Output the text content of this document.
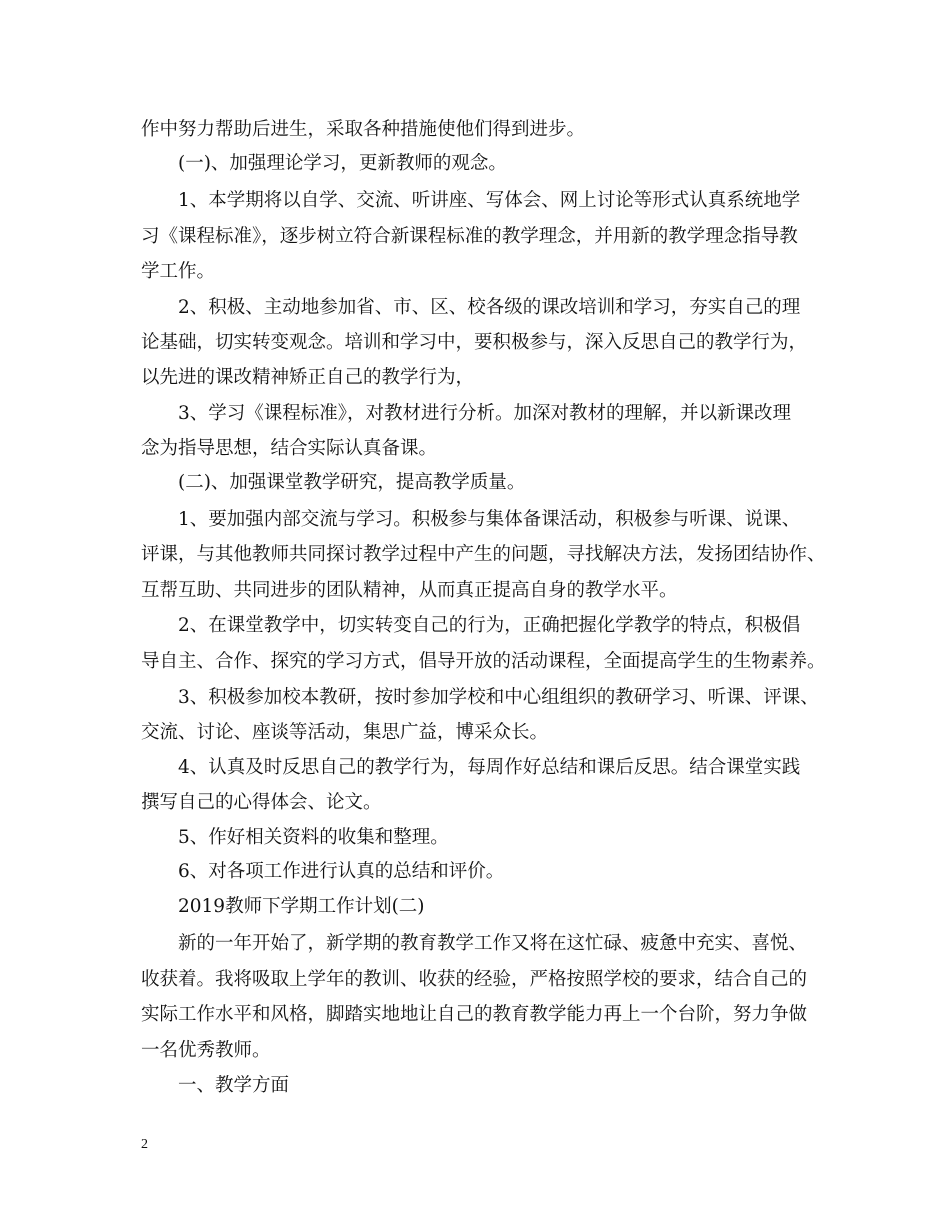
作中努力帮助后进生，采取各种措施使他们得到进步。
(一)、加强理论学习，更新教师的观念。
1、本学期将以自学、交流、听讲座、写体会、网上讨论等形式认真系统地学
习《课程标准》，逐步树立符合新课程标准的教学理念，并用新的教学理念指导教
学工作。
2、积极、主动地参加省、市、区、校各级的课改培训和学习，夯实自己的理
论基础，切实转变观念。培训和学习中，要积极参与，深入反思自己的教学行为，
以先进的课改精神矫正自己的教学行为，
3、学习《课程标准》，对教材进行分析。加深对教材的理解，并以新课改理
念为指导思想，结合实际认真备课。
(二)、加强课堂教学研究，提高教学质量。
1、要加强内部交流与学习。积极参与集体备课活动，积极参与听课、说课、
评课，与其他教师共同探讨教学过程中产生的问题，寻找解决方法，发扬团结协作、
互帮互助、共同进步的团队精神，从而真正提高自身的教学水平。
2、在课堂教学中，切实转变自己的行为，正确把握化学教学的特点，积极倡
导自主、合作、探究的学习方式，倡导开放的活动课程，全面提高学生的生物素养。
3、积极参加校本教研，按时参加学校和中心组组织的教研学习、听课、评课、
交流、讨论、座谈等活动，集思广益，博采众长。
4、认真及时反思自己的教学行为，每周作好总结和课后反思。结合课堂实践
撰写自己的心得体会、论文。
5、作好相关资料的收集和整理。
6、对各项工作进行认真的总结和评价。
2019教师下学期工作计划(二)
新的一年开始了，新学期的教育教学工作又将在这忙碌、疲惫中充实、喜悦、
收获着。我将吸取上学年的教训、收获的经验，严格按照学校的要求，结合自己的
实际工作水平和风格，脚踏实地地让自己的教育教学能力再上一个台阶，努力争做
一名优秀教师。
一、教学方面
2
